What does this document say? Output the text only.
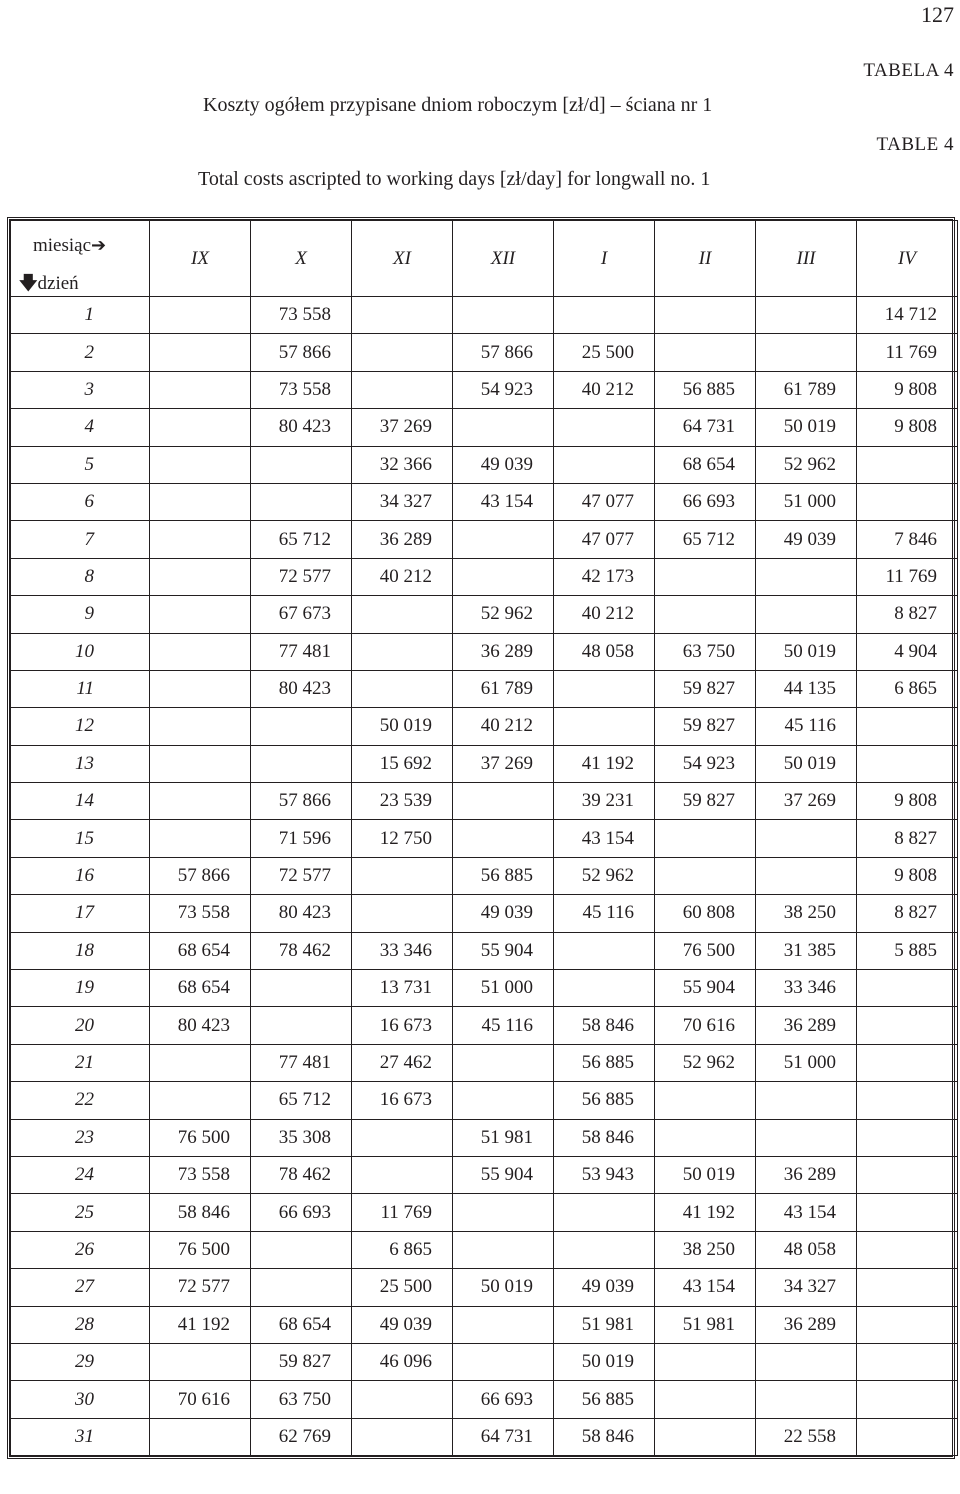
127
TABELA 4
Koszty ogółem przypisane dniom roboczym [zł/d] – ściana nr 1
TABLE 4
Total costs ascripted to working days [zł/day] for longwall no. 1
miesiąc➔
🡇dzień	IX	X	XI	XII	I	II	III	IV
1		73 558						14 712
2		57 866		57 866	25 500			11 769
3		73 558		54 923	40 212	56 885	61 789	9 808
4		80 423	37 269			64 731	50 019	9 808
5			32 366	49 039		68 654	52 962	
6			34 327	43 154	47 077	66 693	51 000	
7		65 712	36 289		47 077	65 712	49 039	7 846
8		72 577	40 212		42 173			11 769
9		67 673		52 962	40 212			8 827
10		77 481		36 289	48 058	63 750	50 019	4 904
11		80 423		61 789		59 827	44 135	6 865
12			50 019	40 212		59 827	45 116	
13			15 692	37 269	41 192	54 923	50 019	
14		57 866	23 539		39 231	59 827	37 269	9 808
15		71 596	12 750		43 154			8 827
16	57 866	72 577		56 885	52 962			9 808
17	73 558	80 423		49 039	45 116	60 808	38 250	8 827
18	68 654	78 462	33 346	55 904		76 500	31 385	5 885
19	68 654		13 731	51 000		55 904	33 346	
20	80 423		16 673	45 116	58 846	70 616	36 289	
21		77 481	27 462		56 885	52 962	51 000	
22		65 712	16 673		56 885			
23	76 500	35 308		51 981	58 846			
24	73 558	78 462		55 904	53 943	50 019	36 289	
25	58 846	66 693	11 769			41 192	43 154	
26	76 500		6 865			38 250	48 058	
27	72 577		25 500	50 019	49 039	43 154	34 327	
28	41 192	68 654	49 039		51 981	51 981	36 289	
29		59 827	46 096		50 019			
30	70 616	63 750		66 693	56 885			
31		62 769		64 731	58 846		22 558	
